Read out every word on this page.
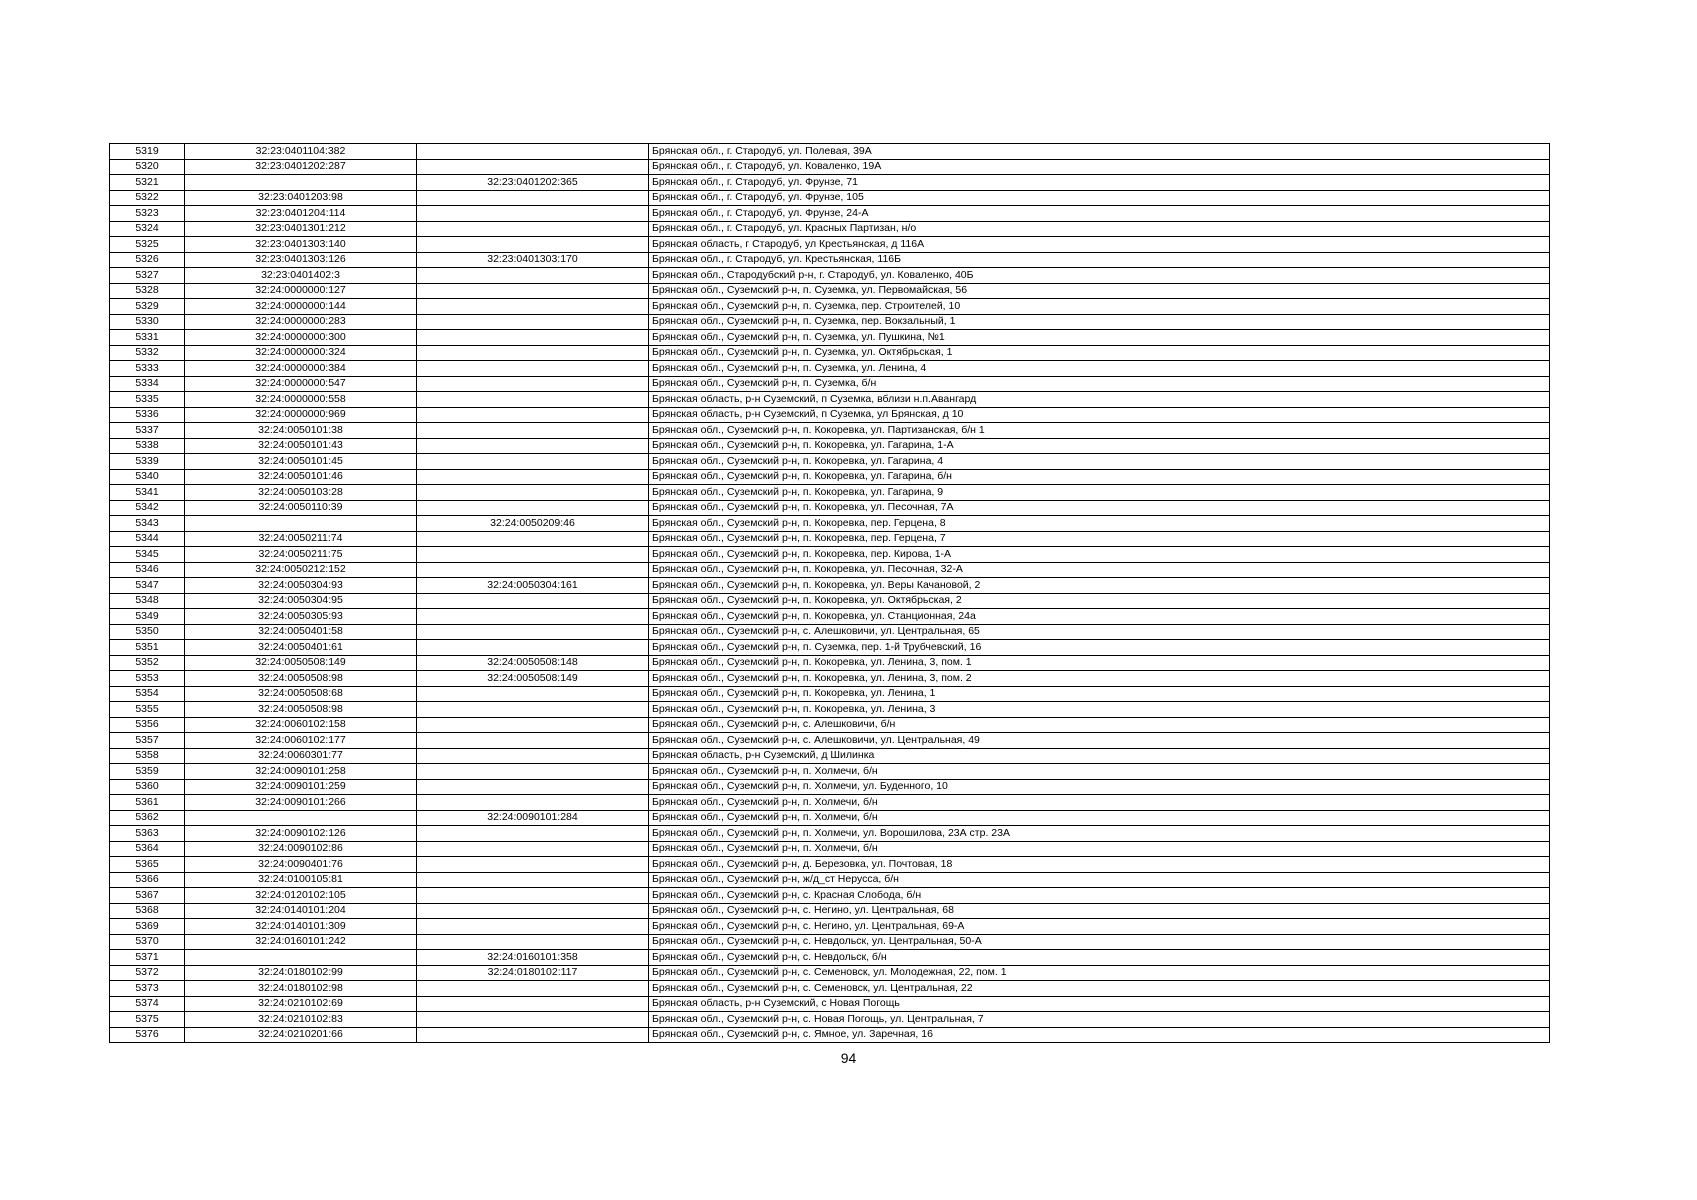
5319	32:23:0401104:382		Брянская обл., г. Стародуб, ул. Полевая, 39А
5320	32:23:0401202:287		Брянская обл., г. Стародуб, ул. Коваленко, 19А
5321		32:23:0401202:365	Брянская обл., г. Стародуб, ул. Фрунзе, 71
5322	32:23:0401203:98		Брянская обл., г. Стародуб, ул. Фрунзе, 105
5323	32:23:0401204:114		Брянская обл., г. Стародуб, ул. Фрунзе, 24-А
5324	32:23:0401301:212		Брянская обл., г. Стародуб, ул. Красных Партизан, н/о
5325	32:23:0401303:140		Брянская область, г Стародуб, ул Крестьянская, д 116А
5326	32:23:0401303:126	32:23:0401303:170	Брянская обл., г. Стародуб, ул. Крестьянская, 116Б
5327	32:23:0401402:3		Брянская обл., Стародубский р-н, г. Стародуб, ул. Коваленко, 40Б
5328	32:24:0000000:127		Брянская обл., Суземский р-н, п. Суземка, ул. Первомайская, 56
5329	32:24:0000000:144		Брянская обл., Суземский р-н, п. Суземка, пер. Строителей, 10
5330	32:24:0000000:283		Брянская обл., Суземский р-н, п. Суземка, пер. Вокзальный, 1
5331	32:24:0000000:300		Брянская обл., Суземский р-н, п. Суземка, ул. Пушкина, №1
5332	32:24:0000000:324		Брянская обл., Суземский р-н, п. Суземка, ул. Октябрьская, 1
5333	32:24:0000000:384		Брянская обл., Суземский р-н, п. Суземка, ул. Ленина, 4
5334	32:24:0000000:547		Брянская обл., Суземский р-н, п. Суземка, б/н
5335	32:24:0000000:558		Брянская область, р-н Суземский, п Суземка, вблизи н.п.Авангард
5336	32:24:0000000:969		Брянская область, р-н Суземский, п Суземка, ул Брянская, д 10
5337	32:24:0050101:38		Брянская обл., Суземский р-н, п. Кокоревка, ул. Партизанская, б/н 1
5338	32:24:0050101:43		Брянская обл., Суземский р-н, п. Кокоревка, ул. Гагарина, 1-А
5339	32:24:0050101:45		Брянская обл., Суземский р-н, п. Кокоревка, ул. Гагарина, 4
5340	32:24:0050101:46		Брянская обл., Суземский р-н, п. Кокоревка, ул. Гагарина, б/н
5341	32:24:0050103:28		Брянская обл., Суземский р-н, п. Кокоревка, ул. Гагарина, 9
5342	32:24:0050110:39		Брянская обл., Суземский р-н, п. Кокоревка, ул. Песочная, 7А
5343		32:24:0050209:46	Брянская обл., Суземский р-н, п. Кокоревка, пер. Герцена, 8
5344	32:24:0050211:74		Брянская обл., Суземский р-н, п. Кокоревка, пер. Герцена, 7
5345	32:24:0050211:75		Брянская обл., Суземский р-н, п. Кокоревка, пер. Кирова, 1-А
5346	32:24:0050212:152		Брянская обл., Суземский р-н, п. Кокоревка, ул. Песочная, 32-А
5347	32:24:0050304:93	32:24:0050304:161	Брянская обл., Суземский р-н, п. Кокоревка, ул. Веры Качановой, 2
5348	32:24:0050304:95		Брянская обл., Суземский р-н, п. Кокоревка, ул. Октябрьская, 2
5349	32:24:0050305:93		Брянская обл., Суземский р-н, п. Кокоревка, ул. Станционная, 24а
5350	32:24:0050401:58		Брянская обл., Суземский р-н, с. Алешковичи, ул. Центральная, 65
5351	32:24:0050401:61		Брянская обл., Суземский р-н, п. Суземка, пер. 1-й Трубчевский, 16
5352	32:24:0050508:149	32:24:0050508:148	Брянская обл., Суземский р-н, п. Кокоревка, ул. Ленина, 3, пом. 1
5353	32:24:0050508:98	32:24:0050508:149	Брянская обл., Суземский р-н, п. Кокоревка, ул. Ленина, 3, пом. 2
5354	32:24:0050508:68		Брянская обл., Суземский р-н, п. Кокоревка, ул. Ленина, 1
5355	32:24:0050508:98		Брянская обл., Суземский р-н, п. Кокоревка, ул. Ленина, 3
5356	32:24:0060102:158		Брянская обл., Суземский р-н, с. Алешковичи, б/н
5357	32:24:0060102:177		Брянская обл., Суземский р-н, с. Алешковичи, ул. Центральная, 49
5358	32:24:0060301:77		Брянская область, р-н Суземский, д Шилинка
5359	32:24:0090101:258		Брянская обл., Суземский р-н, п. Холмечи, б/н
5360	32:24:0090101:259		Брянская обл., Суземский р-н, п. Холмечи, ул. Буденного, 10
5361	32:24:0090101:266		Брянская обл., Суземский р-н, п. Холмечи, б/н
5362		32:24:0090101:284	Брянская обл., Суземский р-н, п. Холмечи, б/н
5363	32:24:0090102:126		Брянская обл., Суземский р-н, п. Холмечи, ул. Ворошилова, 23А стр. 23А
5364	32:24:0090102:86		Брянская обл., Суземский р-н, п. Холмечи, б/н
5365	32:24:0090401:76		Брянская обл., Суземский р-н, д. Березовка, ул. Почтовая, 18
5366	32:24:0100105:81		Брянская обл., Суземский р-н, ж/д_ст Нерусса, б/н
5367	32:24:0120102:105		Брянская обл., Суземский р-н, с. Красная Слобода, б/н
5368	32:24:0140101:204		Брянская обл., Суземский р-н, с. Негино, ул. Центральная, 68
5369	32:24:0140101:309		Брянская обл., Суземский р-н, с. Негино, ул. Центральная, 69-А
5370	32:24:0160101:242		Брянская обл., Суземский р-н, с. Невдольск, ул. Центральная, 50-А
5371		32:24:0160101:358	Брянская обл., Суземский р-н, с. Невдольск, б/н
5372	32:24:0180102:99	32:24:0180102:117	Брянская обл., Суземский р-н, с. Семеновск, ул. Молодежная, 22, пом. 1
5373	32:24:0180102:98		Брянская обл., Суземский р-н, с. Семеновск, ул. Центральная, 22
5374	32:24:0210102:69		Брянская область, р-н Суземский, с Новая Погощь
5375	32:24:0210102:83		Брянская обл., Суземский р-н, с. Новая Погощь, ул. Центральная, 7
5376	32:24:0210201:66		Брянская обл., Суземский р-н, с. Ямное, ул. Заречная, 16
94
